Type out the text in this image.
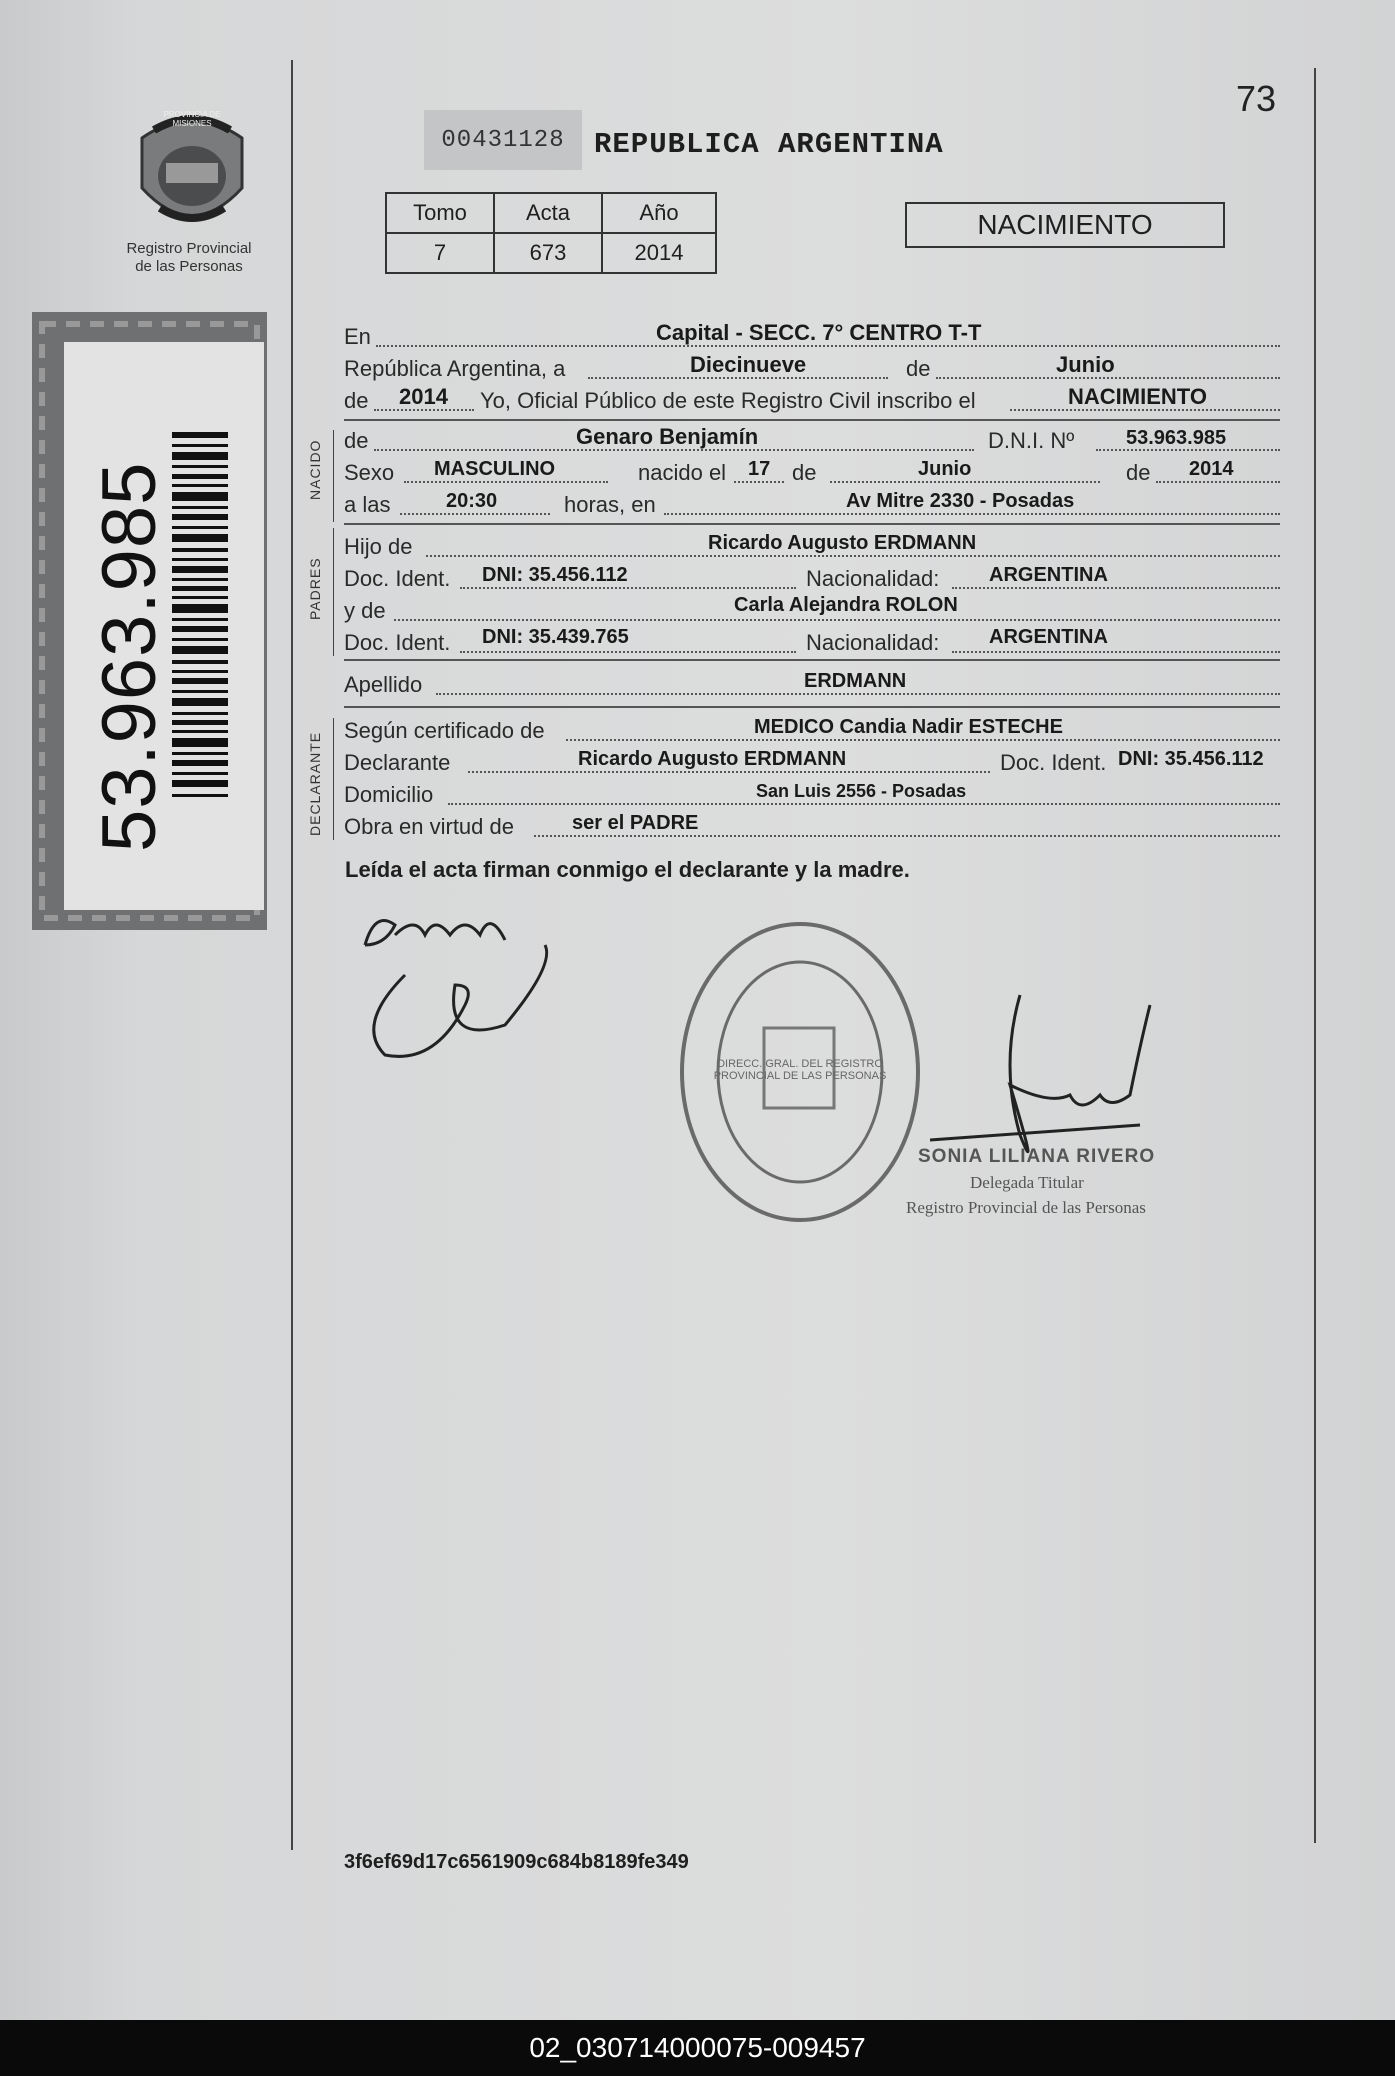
PROVINCIA DE MISIONES
Registro Provincial
de las Personas
53.963.985
73
00431128	REPUBLICA ARGENTINA
Tomo	Acta	Año
7	673	2014
NACIMIENTO
NACIDO
PADRES
DECLARANTE
En	Capital - SECC. 7° CENTRO T-T
República Argentina, a	Diecinueve	de	Junio
de 2014 Yo, Oficial Público de este Registro Civil inscribo el	NACIMIENTO
de	Genaro Benjamín	D.N.I. Nº	53.963.985
Sexo MASCULINO	nacido el 17 de	Junio	de 2014
a las	20:30	horas, en	Av Mitre 2330 - Posadas
Hijo de	Ricardo Augusto ERDMANN
Doc. Ident. DNI: 35.456.112	Nacionalidad: ARGENTINA
y de	Carla Alejandra ROLON
Doc. Ident. DNI: 35.439.765	Nacionalidad: ARGENTINA
Apellido	ERDMANN
Según certificado de	MEDICO Candia Nadir ESTECHE
Declarante	Ricardo Augusto ERDMANN	Doc. Ident. DNI: 35.456.112
Domicilio	San Luis 2556 - Posadas
Obra en virtud de	ser el PADRE
Leída el acta firman conmigo el declarante y la madre.
DIRECC. GRAL. DEL REGISTRO PROVINCIAL DE LAS PERSONAS
SONIA LILIANA RIVERO
Delegada Titular
Registro Provincial de las Personas
3f6ef69d17c6561909c684b8189fe349
02_030714000075-009457
